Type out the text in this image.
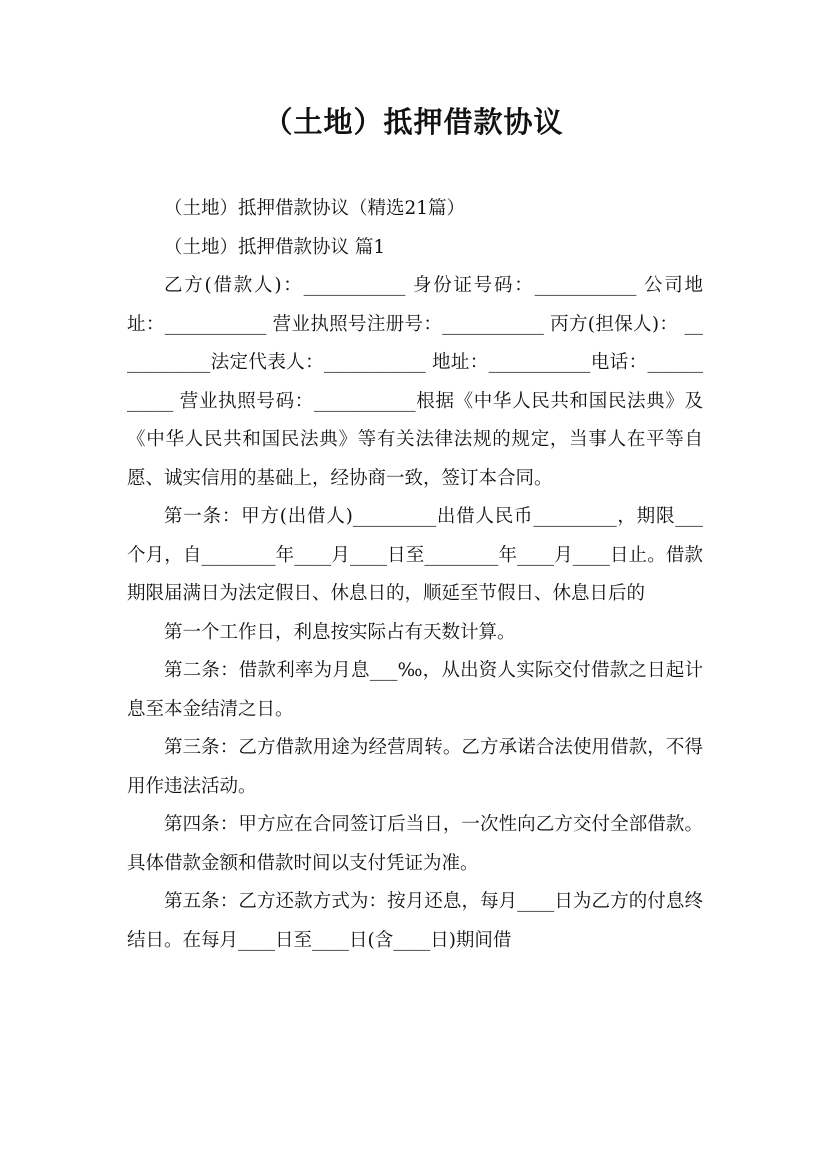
（土地）抵押借款协议

（土地）抵押借款协议（精选21篇）

（土地）抵押借款协议 篇1

乙方(借款人)：___________ 身份证号码：___________ 公司地址：___________ 营业执照号注册号：___________ 丙方(担保人)： ___________法定代表人：___________ 地址：___________电话：___________ 营业执照号码：___________根据《中华人民共和国民法典》及《中华人民共和国民法典》等有关法律法规的规定，当事人在平等自愿、诚实信用的基础上，经协商一致，签订本合同。

第一条：甲方(出借人)_________出借人民币_________，期限___个月，自________年____月____日至________年____月____日止。借款期限届满日为法定假日、休息日的，顺延至节假日、休息日后的

第一个工作日，利息按实际占有天数计算。

第二条：借款利率为月息___‰，从出资人实际交付借款之日起计息至本金结清之日。

第三条：乙方借款用途为经营周转。乙方承诺合法使用借款，不得用作违法活动。

第四条：甲方应在合同签订后当日，一次性向乙方交付全部借款。具体借款金额和借款时间以支付凭证为准。

第五条：乙方还款方式为：按月还息，每月____日为乙方的付息终结日。在每月____日至____日(含____日)期间借
